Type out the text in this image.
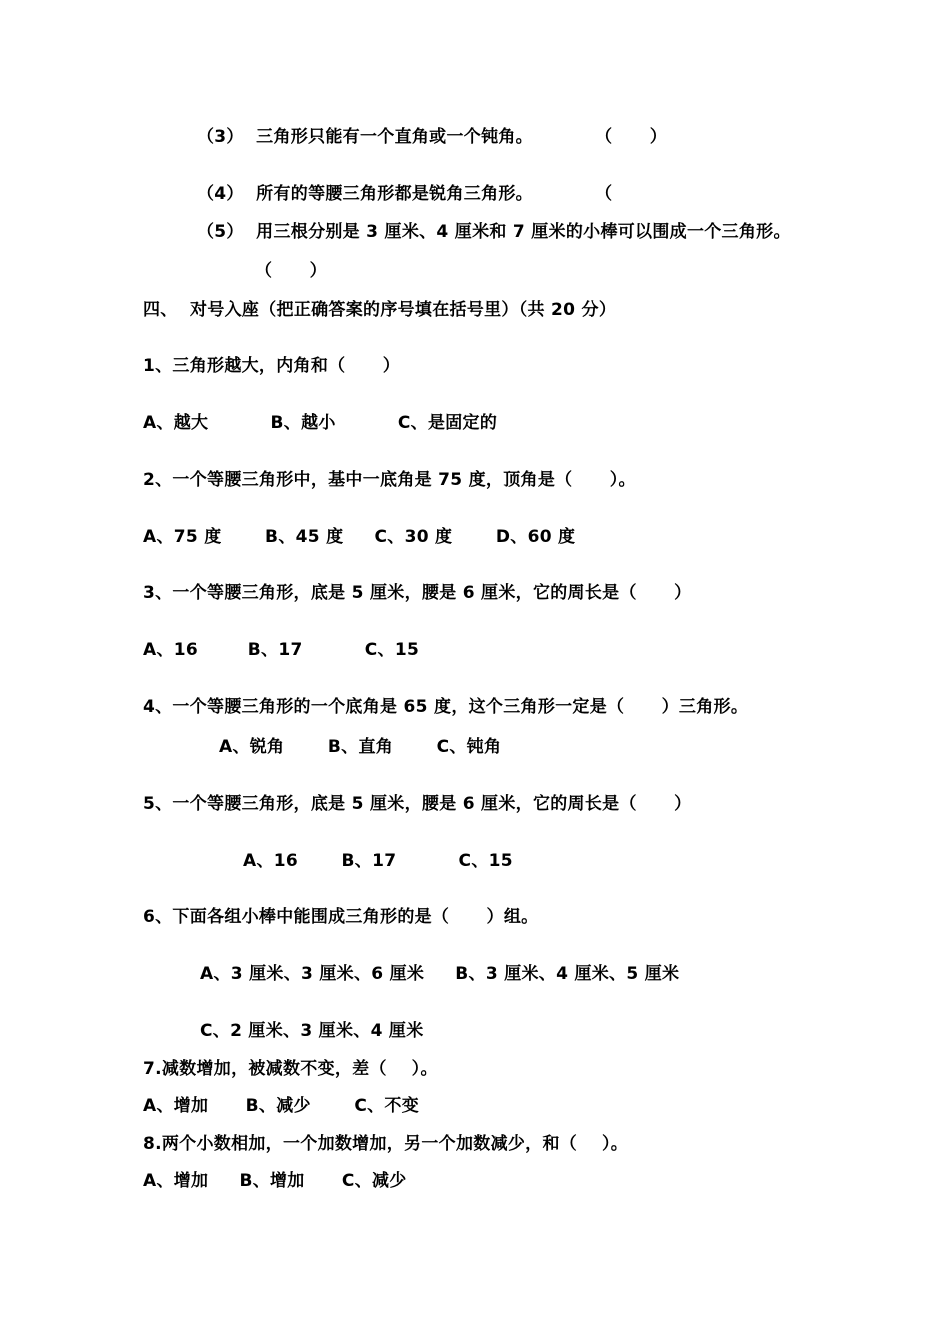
（3）  三角形只能有一个直角或一个钝角。          （      ）
（4）  所有的等腰三角形都是锐角三角形。          （
（5）  用三根分别是 3 厘米、4 厘米和 7 厘米的小棒可以围成一个三角形。
（      ）
四、  对号入座（把正确答案的序号填在括号里）（共 20 分）
1、三角形越大，内角和（      ）
A、越大          B、越小          C、是固定的
2、一个等腰三角形中，基中一底角是 75 度，顶角是（      ）。
A、75 度       B、45 度     C、30 度       D、60 度
3、一个等腰三角形，底是 5 厘米，腰是 6 厘米，它的周长是（      ）
A、16        B、17          C、15
4、一个等腰三角形的一个底角是 65 度，这个三角形一定是（      ）三角形。
A、锐角       B、直角       C、钝角
5、一个等腰三角形，底是 5 厘米，腰是 6 厘米，它的周长是（      ）
A、16       B、17          C、15
6、下面各组小棒中能围成三角形的是（      ）组。
A、3 厘米、3 厘米、6 厘米     B、3 厘米、4 厘米、5 厘米
C、2 厘米、3 厘米、4 厘米
7.减数增加，被减数不变，差（    ）。
A、增加      B、减少       C、不变
8.两个小数相加，一个加数增加，另一个加数减少，和（    ）。
A、增加     B、增加      C、减少
